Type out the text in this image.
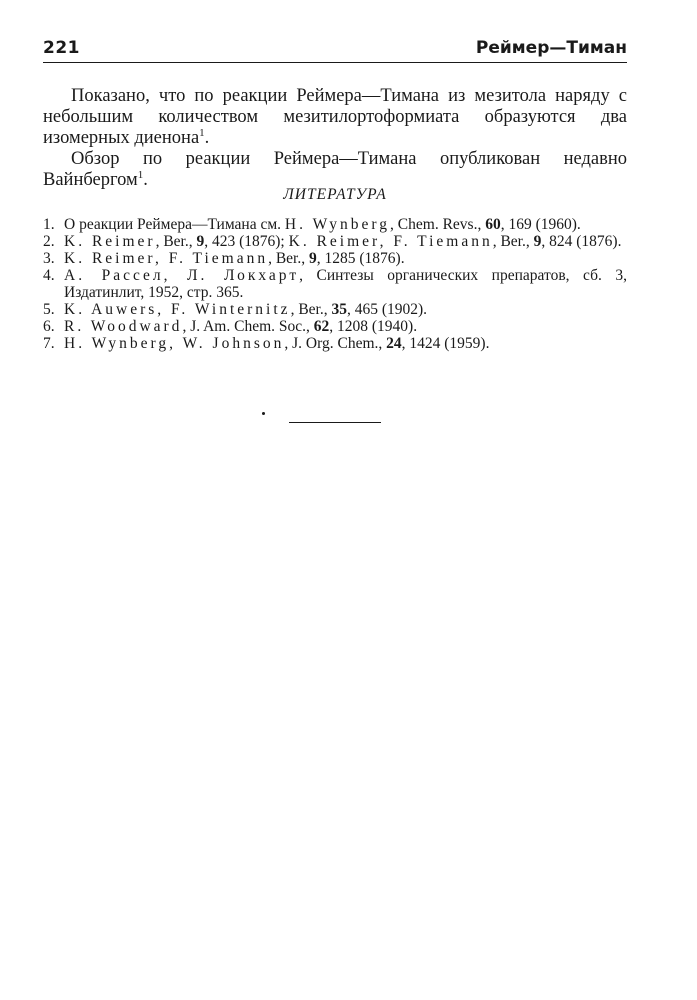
221	Реймер—Тиман

Показано, что по реакции Реймера—Тимана из мезитола наряду с небольшим количеством мезитилортоформиата образуются два изомерных диенона$^1$.

Обзор по реакции Реймера—Тимана опубликован недавно Вайнбергом$^1$.

ЛИТЕРАТУРА
1. О реакции Реймера—Тимана см. H. Wynberg, Chem. Revs., 60, 169 (1960).
2. K. Reimer, Ber., 9, 423 (1876); K. Reimer, F. Tiemann, Ber., 9, 824 (1876).
3. K. Reimer, F. Tiemann, Ber., 9, 1285 (1876).
4. А. Рассел, Л. Локхарт, Синтезы органических препаратов, сб. 3, Издатинлит, 1952, стр. 365.
5. K. Auwers, F. Winternitz, Ber., 35, 465 (1902).
6. R. Woodward, J. Am. Chem. Soc., 62, 1208 (1940).
7. H. Wynberg, W. Johnson, J. Org. Chem., 24, 1424 (1959).
